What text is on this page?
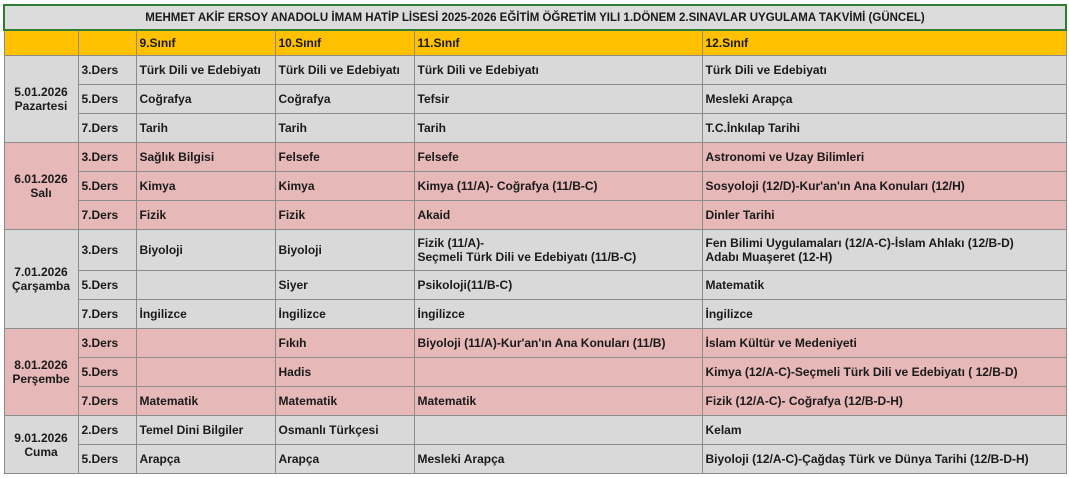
MEHMET AKİF ERSOY ANADOLU İMAM HATİP LİSESİ 2025-2026 EĞİTİM ÖĞRETİM YILI 1.DÖNEM 2.SINAVLAR UYGULAMA TAKVİMİ (GÜNCEL)					
		9.Sınıf	10.Sınıf	11.Sınıf	12.Sınıf
5.01.2026
Pazartesi	3.Ders	Türk Dili ve Edebiyatı	Türk Dili ve Edebiyatı	Türk Dili ve Edebiyatı	Türk Dili ve Edebiyatı
	5.Ders	Coğrafya	Coğrafya	Tefsir	Mesleki Arapça
	7.Ders	Tarih	Tarih	Tarih	T.C.İnkılap Tarihi
6.01.2026
Salı	3.Ders	Sağlık Bilgisi	Felsefe	Felsefe	Astronomi ve Uzay Bilimleri
	5.Ders	Kimya	Kimya	Kimya (11/A)- Coğrafya (11/B-C)	Sosyoloji (12/D)-Kur'an'ın Ana Konuları (12/H)
	7.Ders	Fizik	Fizik	Akaid	Dinler Tarihi
7.01.2026
Çarşamba	3.Ders	Biyoloji	Biyoloji	Fizik (11/A)-
Seçmeli Türk Dili ve Edebiyatı (11/B-C)	Fen Bilimi Uygulamaları (12/A-C)-İslam Ahlakı (12/B-D)
Adabı Muaşeret (12-H)
	5.Ders		Siyer	Psikoloji(11/B-C)	Matematik
	7.Ders	İngilizce	İngilizce	İngilizce	İngilizce
8.01.2026
Perşembe	3.Ders		Fıkıh	Biyoloji (11/A)-Kur'an'ın Ana Konuları (11/B)	İslam Kültür ve Medeniyeti
	5.Ders		Hadis		Kimya (12/A-C)-Seçmeli Türk Dili ve Edebiyatı ( 12/B-D)
	7.Ders	Matematik	Matematik	Matematik	Fizik (12/A-C)- Coğrafya (12/B-D-H)
9.01.2026
Cuma	2.Ders	Temel Dini Bilgiler	Osmanlı Türkçesi		Kelam
	5.Ders	Arapça	Arapça	Mesleki Arapça	Biyoloji (12/A-C)-Çağdaş Türk ve Dünya Tarihi (12/B-D-H)
